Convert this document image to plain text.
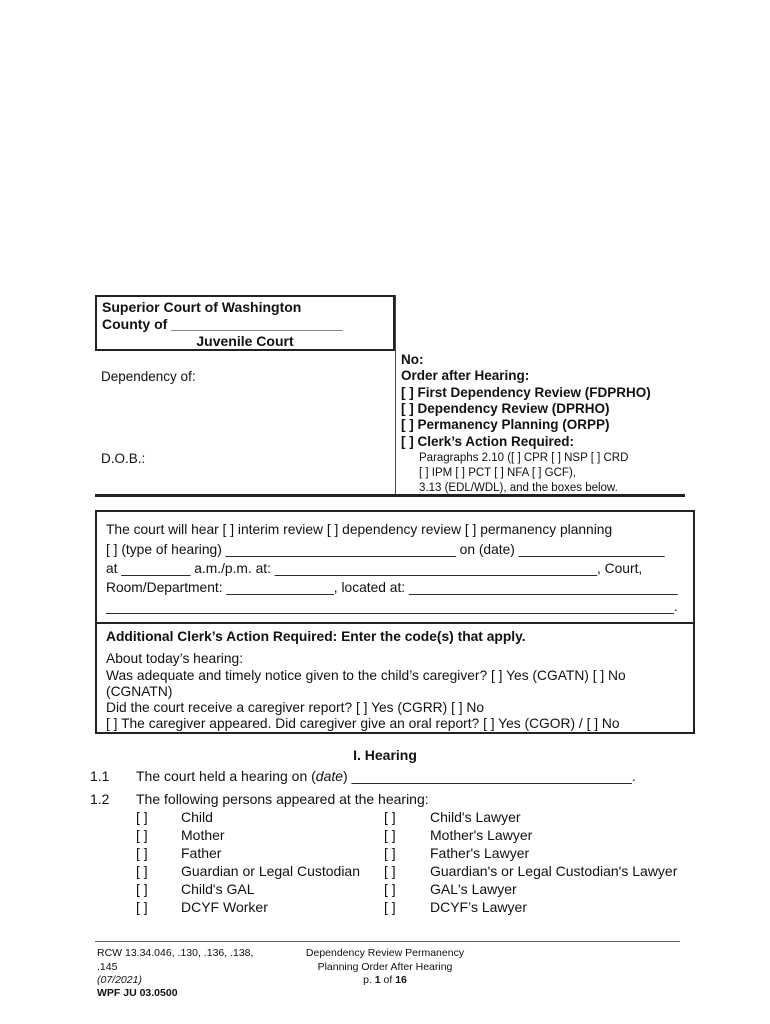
Superior Court of Washington
County of ______________________
Juvenile Court
Dependency of:
D.O.B.:
No:
Order after Hearing:
[ ] First Dependency Review (FDPRHO)
[ ] Dependency Review (DPRHO)
[ ] Permanency Planning (ORPP)
[ ] Clerk’s Action Required:
Paragraphs 2.10 ([ ] CPR [ ] NSP [ ] CRD
[ ] IPM [ ] PCT [ ] NFA [ ] GCF),
3.13 (EDL/WDL), and the boxes below.
The court will hear [ ] interim review [ ] dependency review [ ] permanency planning
[ ] (type of hearing) ______________________________ on (date) ___________________
at _________ a.m./p.m. at: __________________________________________, Court,
Room/Department: ______________, located at: ___________________________________
__________________________________________________________________________.
Additional Clerk’s Action Required: Enter the code(s) that apply.
About today’s hearing:
Was adequate and timely notice given to the child’s caregiver? [ ] Yes (CGATN) [ ] No
(CGNATN)
Did the court receive a caregiver report? [ ] Yes (CGRR) [ ] No
[ ] The caregiver appeared. Did caregiver give an oral report? [ ] Yes (CGOR) / [ ] No
I. Hearing
1.1 The court held a hearing on (date) ____________________________________.
1.2 The following persons appeared at the hearing:
[ ] Child
[ ] Mother
[ ] Father
[ ] Guardian or Legal Custodian
[ ] Child's GAL
[ ] DCYF Worker
[ ] Child's Lawyer
[ ] Mother's Lawyer
[ ] Father's Lawyer
[ ] Guardian's or Legal Custodian's Lawyer
[ ] GAL's Lawyer
[ ] DCYF’s Lawyer
RCW 13.34.046, .130, .136, .138,
.145
(07/2021)
WPF JU 03.0500
Dependency Review Permanency
Planning Order After Hearing
p. 1 of 16
